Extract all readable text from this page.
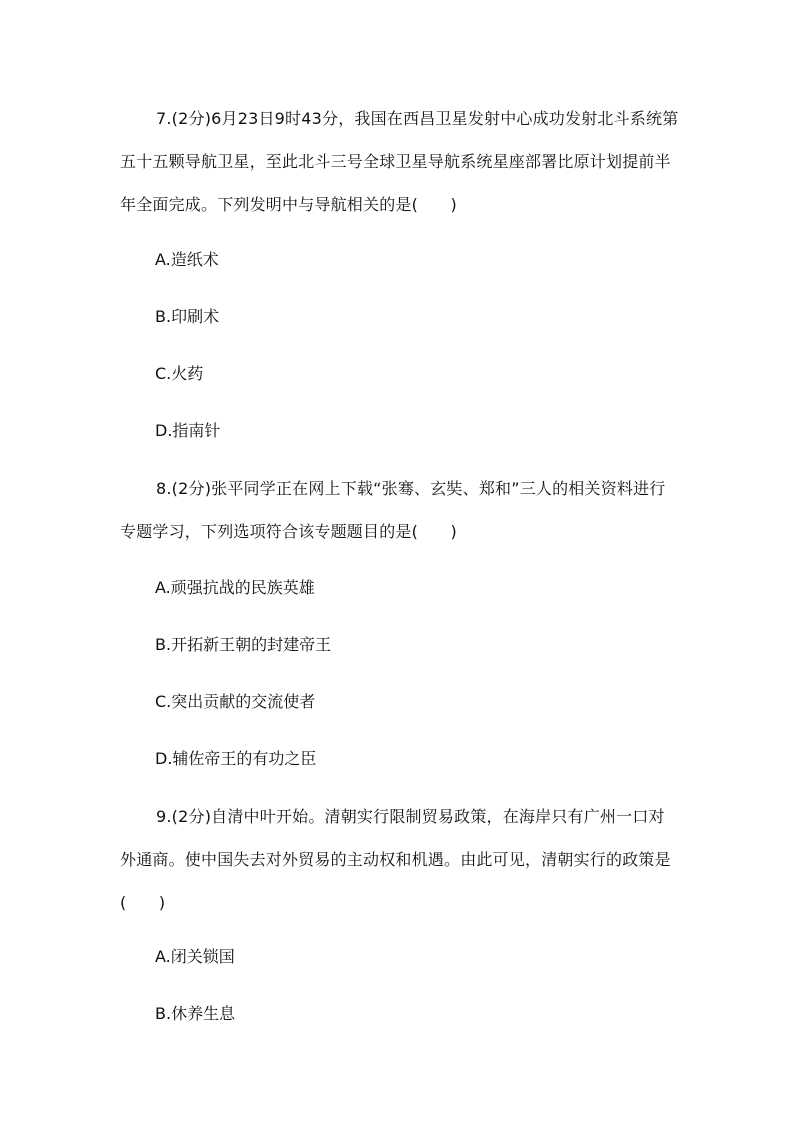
7.(2分)6月23日9时43分，我国在西昌卫星发射中心成功发射北斗系统第五十五颗导航卫星，至此北斗三号全球卫星导航系统星座部署比原计划提前半年全面完成。下列发明中与导航相关的是(　　)

A.造纸术

B.印刷术

C.火药

D.指南针

8.(2分)张平同学正在网上下载“张骞、玄奘、郑和”三人的相关资料进行专题学习，下列选项符合该专题题目的是(　　)

A.顽强抗战的民族英雄

B.开拓新王朝的封建帝王

C.突出贡献的交流使者

D.辅佐帝王的有功之臣

9.(2分)自清中叶开始。清朝实行限制贸易政策，在海岸只有广州一口对外通商。使中国失去对外贸易的主动权和机遇。由此可见，清朝实行的政策是(　　)

A.闭关锁国

B.休养生息
